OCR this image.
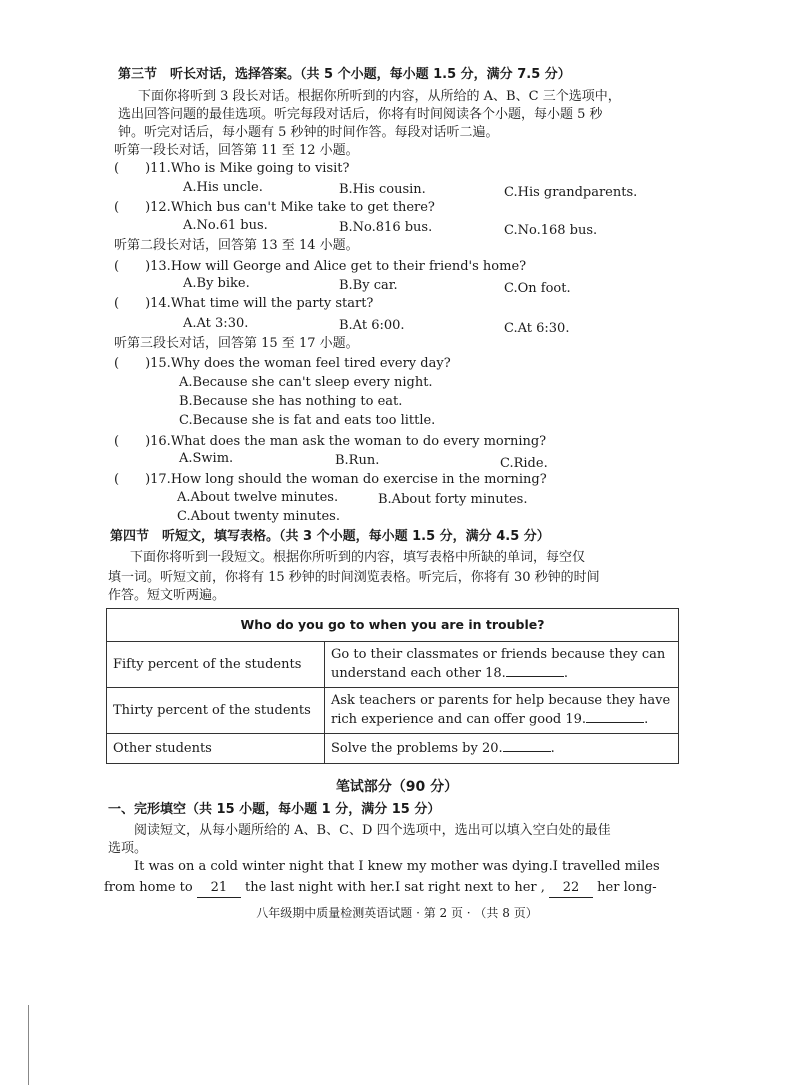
第三节　听长对话，选择答案。（共 5 个小题，每小题 1.5 分，满分 7.5 分）
下面你将听到 3 段长对话。根据你所听到的内容，从所给的 A、B、C 三个选项中，
选出回答问题的最佳选项。听完每段对话后，你将有时间阅读各个小题，每小题 5 秒
钟。听完对话后，每小题有 5 秒钟的时间作答。每段对话听二遍。
听第一段长对话，回答第 11 至 12 小题。
(　　)11.Who is Mike going to visit?
A.His uncle.	B.His cousin.	C.His grandparents.
(　　)12.Which bus can't Mike take to get there?
A.No.61 bus.	B.No.816 bus.	C.No.168 bus.
听第二段长对话，回答第 13 至 14 小题。
(　　)13.How will George and Alice get to their friend's home?
A.By bike.	B.By car.	C.On foot.
(　　)14.What time will the party start?
A.At 3:30.	B.At 6:00.	C.At 6:30.
听第三段长对话，回答第 15 至 17 小题。
(　　)15.Why does the woman feel tired every day?
A.Because she can't sleep every night.
B.Because she has nothing to eat.
C.Because she is fat and eats too little.
(　　)16.What does the man ask the woman to do every morning?
A.Swim.	B.Run.	C.Ride.
(　　)17.How long should the woman do exercise in the morning?
A.About twelve minutes.	B.About forty minutes.
C.About twenty minutes.
第四节　听短文，填写表格。（共 3 个小题，每小题 1.5 分，满分 4.5 分）
下面你将听到一段短文。根据你所听到的内容，填写表格中所缺的单词，每空仅
填一词。听短文前，你将有 15 秒钟的时间浏览表格。听完后，你将有 30 秒钟的时间
作答。短文听两遍。
Who do you go to when you are in trouble?	
Fifty percent of the students	Go to their classmates or friends because they can
understand each other 18. .
Thirty percent of the students	Ask teachers or parents for help because they have
rich experience and can offer good 19. .
Other students	Solve the problems by 20. .
笔试部分（90 分）
一、完形填空（共 15 小题，每小题 1 分，满分 15 分）
阅读短文，从每小题所给的 A、B、C、D 四个选项中，选出可以填入空白处的最佳
选项。
It was on a cold winter night that I knew my mother was dying.I travelled miles
from home to 21 the last night with her.I sat right next to her , 22 her long-
八年级期中质量检测英语试题 · 第 2 页 · （共 8 页）
